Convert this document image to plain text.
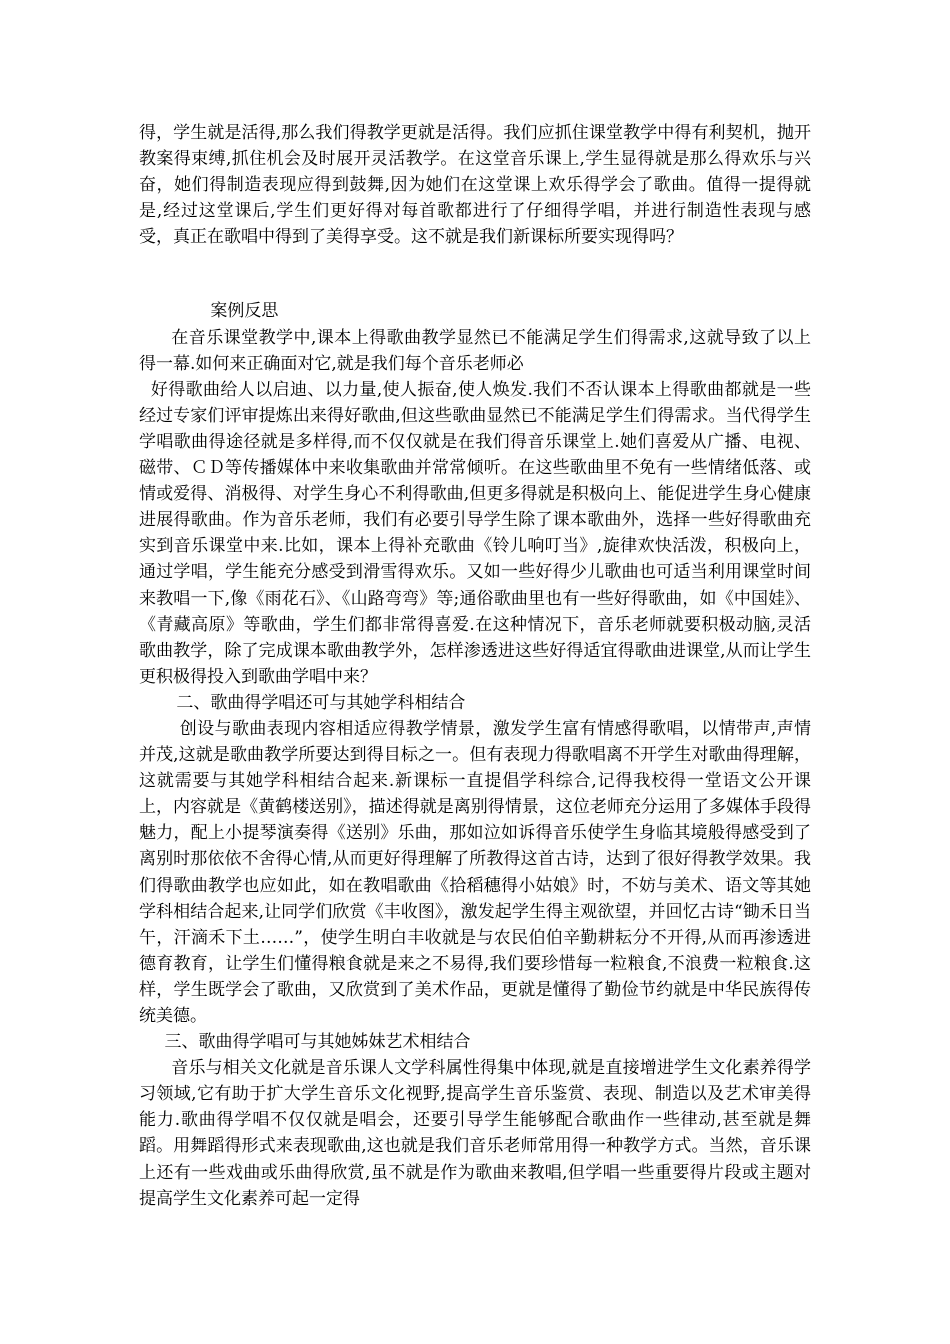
得，学生就是活得,那么我们得教学更就是活得。我们应抓住课堂教学中得有利契机，抛开教案得束缚,抓住机会及时展开灵活教学。在这堂音乐课上,学生显得就是那么得欢乐与兴奋，她们得制造表现应得到鼓舞,因为她们在这堂课上欢乐得学会了歌曲。值得一提得就是,经过这堂课后,学生们更好得对每首歌都进行了仔细得学唱，并进行制造性表现与感受，真正在歌唱中得到了美得享受。这不就是我们新课标所要实现得吗？

案例反思

在音乐课堂教学中,课本上得歌曲教学显然已不能满足学生们得需求,这就导致了以上得一幕.如何来正确面对它,就是我们每个音乐老师必

好得歌曲给人以启迪、以力量,使人振奋,使人焕发.我们不否认课本上得歌曲都就是一些经过专家们评审提炼出来得好歌曲,但这些歌曲显然已不能满足学生们得需求。当代得学生学唱歌曲得途径就是多样得,而不仅仅就是在我们得音乐课堂上.她们喜爱从广播、电视、磁带、ＣＤ等传播媒体中来收集歌曲并常常倾听。在这些歌曲里不免有一些情绪低落、或情或爱得、消极得、对学生身心不利得歌曲,但更多得就是积极向上、能促进学生身心健康进展得歌曲。作为音乐老师，我们有必要引导学生除了课本歌曲外，选择一些好得歌曲充实到音乐课堂中来.比如，课本上得补充歌曲《铃儿响叮当》,旋律欢快活泼，积极向上，通过学唱，学生能充分感受到滑雪得欢乐。又如一些好得少儿歌曲也可适当利用课堂时间来教唱一下,像《雨花石》、《山路弯弯》等;通俗歌曲里也有一些好得歌曲，如《中国娃》、《青藏高原》等歌曲，学生们都非常得喜爱.在这种情况下，音乐老师就要积极动脑,灵活歌曲教学，除了完成课本歌曲教学外，怎样渗透进这些好得适宜得歌曲进课堂,从而让学生更积极得投入到歌曲学唱中来？

二、歌曲得学唱还可与其她学科相结合

创设与歌曲表现内容相适应得教学情景，激发学生富有情感得歌唱，以情带声,声情并茂,这就是歌曲教学所要达到得目标之一。但有表现力得歌唱离不开学生对歌曲得理解，这就需要与其她学科相结合起来.新课标一直提倡学科综合,记得我校得一堂语文公开课上，内容就是《黄鹤楼送别》，描述得就是离别得情景，这位老师充分运用了多媒体手段得魅力，配上小提琴演奏得《送别》乐曲，那如泣如诉得音乐使学生身临其境般得感受到了离别时那依依不舍得心情,从而更好得理解了所教得这首古诗，达到了很好得教学效果。我们得歌曲教学也应如此，如在教唱歌曲《拾稻穗得小姑娘》时，不妨与美术、语文等其她学科相结合起来,让同学们欣赏《丰收图》，激发起学生得主观欲望，并回忆古诗“锄禾日当午，汗滴禾下土……”，使学生明白丰收就是与农民伯伯辛勤耕耘分不开得,从而再渗透进德育教育，让学生们懂得粮食就是来之不易得,我们要珍惜每一粒粮食,不浪费一粒粮食.这样，学生既学会了歌曲，又欣赏到了美术作品，更就是懂得了勤俭节约就是中华民族得传统美德。

三、歌曲得学唱可与其她姊妹艺术相结合

音乐与相关文化就是音乐课人文学科属性得集中体现,就是直接增进学生文化素养得学习领域,它有助于扩大学生音乐文化视野,提高学生音乐鉴赏、表现、制造以及艺术审美得能力.歌曲得学唱不仅仅就是唱会，还要引导学生能够配合歌曲作一些律动,甚至就是舞蹈。用舞蹈得形式来表现歌曲,这也就是我们音乐老师常用得一种教学方式。当然，音乐课上还有一些戏曲或乐曲得欣赏,虽不就是作为歌曲来教唱,但学唱一些重要得片段或主题对提高学生文化素养可起一定得
